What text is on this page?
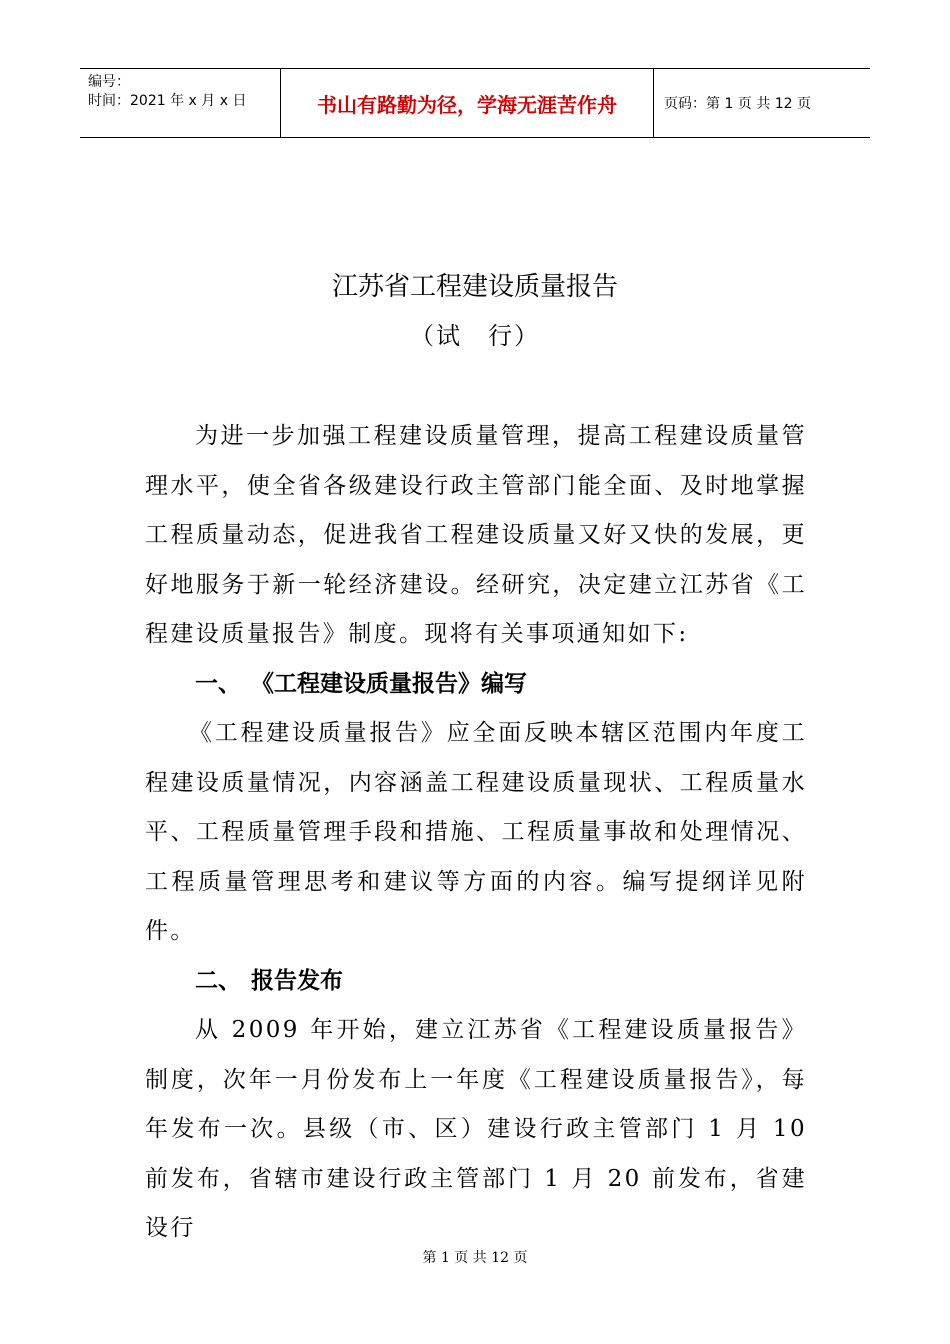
编号：
时间：2021 年 x 月 x 日	书山有路勤为径，学海无涯苦作舟	页码：第 1 页 共 12 页
江苏省工程建设质量报告
（试　行）

为进一步加强工程建设质量管理，提高工程建设质量管理水平，使全省各级建设行政主管部门能全面、及时地掌握工程质量动态，促进我省工程建设质量又好又快的发展，更好地服务于新一轮经济建设。经研究，决定建立江苏省《工程建设质量报告》制度。现将有关事项通知如下:

一、 《工程建设质量报告》编写

《工程建设质量报告》应全面反映本辖区范围内年度工程建设质量情况，内容涵盖工程建设质量现状、工程质量水平、工程质量管理手段和措施、工程质量事故和处理情况、工程质量管理思考和建议等方面的内容。编写提纲详见附件。

二、 报告发布

从 2009 年开始，建立江苏省《工程建设质量报告》制度，次年一月份发布上一年度《工程建设质量报告》，每年发布一次。县级（市、区）建设行政主管部门 1 月 10 前发布，省辖市建设行政主管部门 1 月 20 前发布，省建设行

第 1 页 共 12 页
